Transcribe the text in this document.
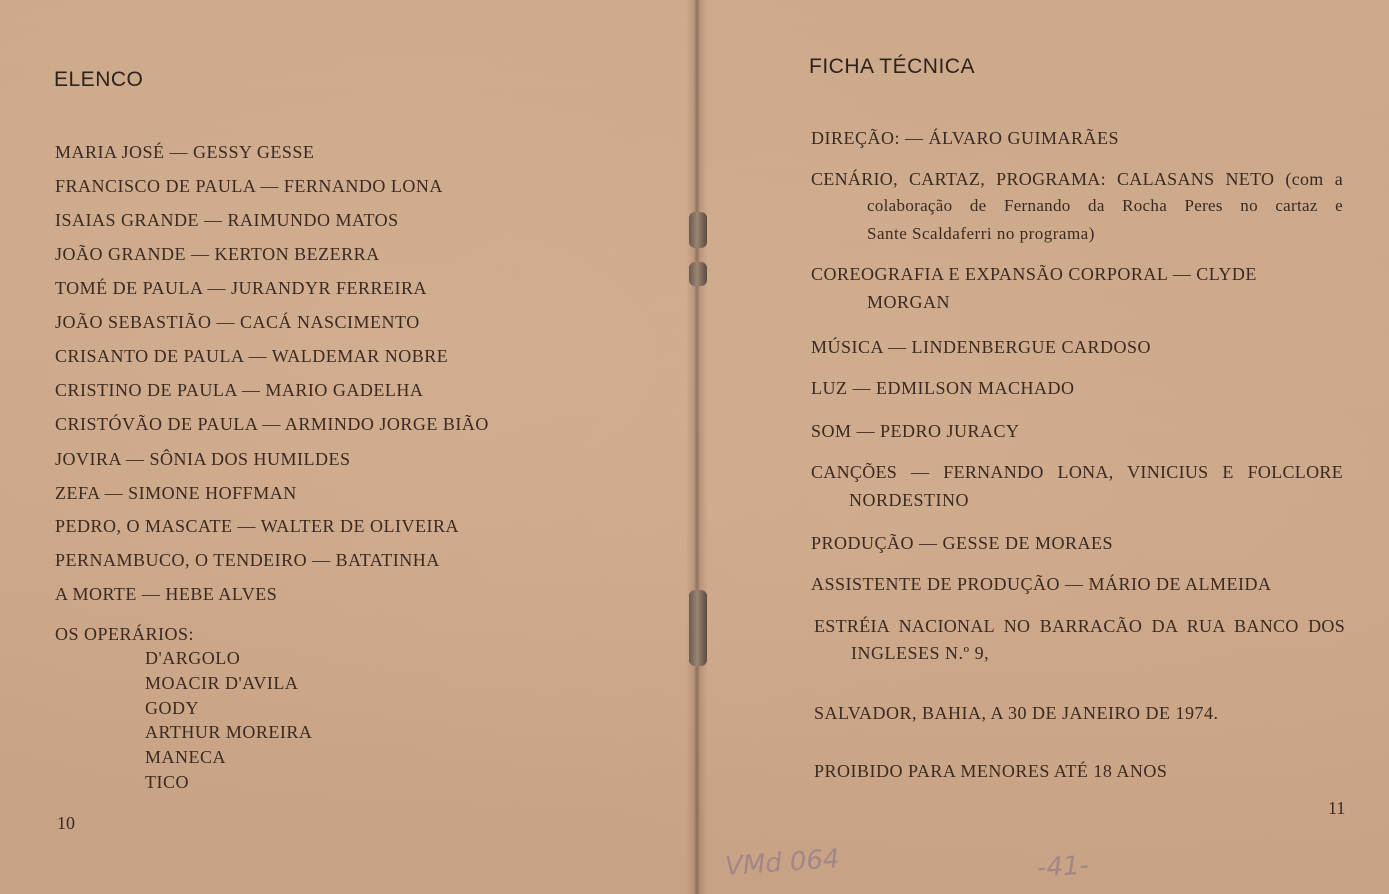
ELENCO
MARIA JOSÉ — GESSY GESSE
FRANCISCO DE PAULA — FERNANDO LONA
ISAIAS GRANDE — RAIMUNDO MATOS
JOÃO GRANDE — KERTON BEZERRA
TOMÉ DE PAULA — JURANDYR FERREIRA
JOÃO SEBASTIÃO — CACÁ NASCIMENTO
CRISANTO DE PAULA — WALDEMAR NOBRE
CRISTINO DE PAULA — MARIO GADELHA
CRISTÓVÃO DE PAULA — ARMINDO JORGE BIÃO
JOVIRA — SÔNIA DOS HUMILDES
ZEFA — SIMONE HOFFMAN
PEDRO, O MASCATE — WALTER DE OLIVEIRA
PERNAMBUCO, O TENDEIRO — BATATINHA
A MORTE — HEBE ALVES
OS OPERÁRIOS:
D'ARGOLO
MOACIR D'AVILA
GODY
ARTHUR MOREIRA
MANECA
TICO
10
FICHA TÉCNICA
DIREÇÃO: — ÁLVARO GUIMARÃES
CENÁRIO, CARTAZ, PROGRAMA: CALASANS NETO (com a
colaboração de Fernando da Rocha Peres no cartaz e
Sante Scaldaferri no programa)
COREOGRAFIA E EXPANSÃO CORPORAL — CLYDE
MORGAN
MÚSICA — LINDENBERGUE CARDOSO
LUZ — EDMILSON MACHADO
SOM — PEDRO JURACY
CANÇÕES — FERNANDO LONA, VINICIUS E FOLCLORE
NORDESTINO
PRODUÇÃO — GESSE DE MORAES
ASSISTENTE DE PRODUÇÃO — MÁRIO DE ALMEIDA
ESTRÉIA NACIONAL NO BARRACÃO DA RUA BANCO DOS
INGLESES N.º 9,
SALVADOR, BAHIA, A 30 DE JANEIRO DE 1974.
PROIBIDO PARA MENORES ATÉ 18 ANOS
11
VMd 064	-41-
